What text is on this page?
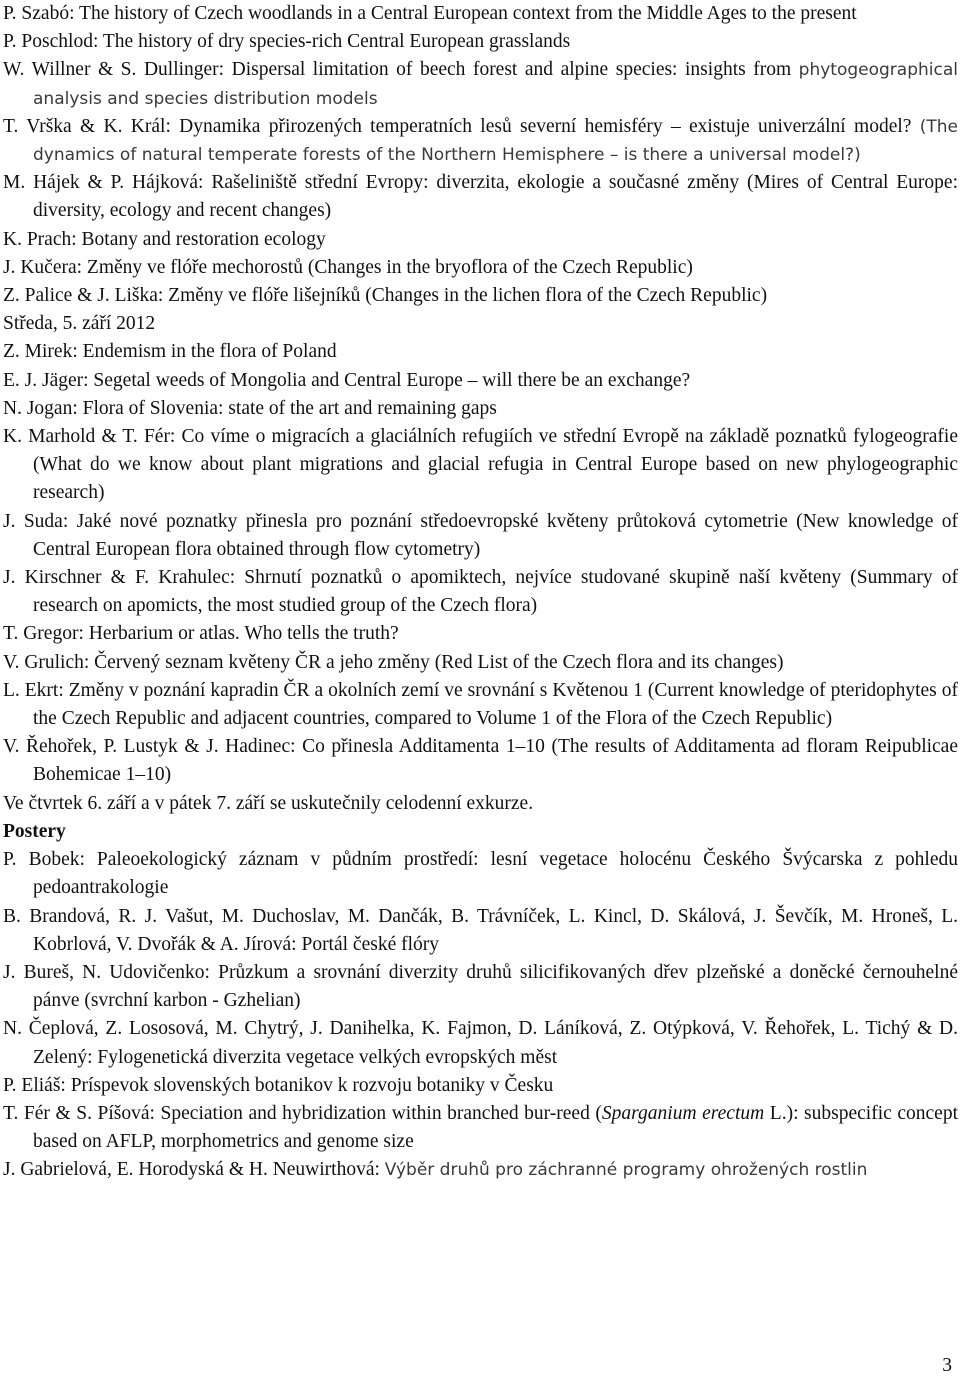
P. Szabó: The history of Czech woodlands in a Central European context from the Middle Ages to the present

P. Poschlod: The history of dry species-rich Central European grasslands

W. Willner & S. Dullinger: Dispersal limitation of beech forest and alpine species: insights from phytogeographical analysis and species distribution models

T. Vrška & K. Král: Dynamika přirozených temperatních lesů severní hemisféry – existuje univerzální model? (The dynamics of natural temperate forests of the Northern Hemisphere – is there a universal model?)

M. Hájek & P. Hájková: Rašeliniště střední Evropy: diverzita, ekologie a současné změny (Mires of Central Europe: diversity, ecology and recent changes)

K. Prach: Botany and restoration ecology

J. Kučera: Změny ve flóře mechorostů (Changes in the bryoflora of the Czech Republic)

Z. Palice & J. Liška: Změny ve flóře lišejníků (Changes in the lichen flora of the Czech Republic)

Středa, 5. září 2012

Z. Mirek: Endemism in the flora of Poland

E. J. Jäger: Segetal weeds of Mongolia and Central Europe – will there be an exchange?

N. Jogan: Flora of Slovenia: state of the art and remaining gaps

K. Marhold & T. Fér: Co víme o migracích a glaciálních refugiích ve střední Evropě na základě poznatků fylogeografie (What do we know about plant migrations and glacial refugia in Central Europe based on new phylogeographic research)

J. Suda: Jaké nové poznatky přinesla pro poznání středoevropské květeny průtoková cytometrie (New knowledge of Central European flora obtained through flow cytometry)

J. Kirschner & F. Krahulec: Shrnutí poznatků o apomiktech, nejvíce studované skupině naší květeny (Summary of research on apomicts, the most studied group of the Czech flora)

T. Gregor: Herbarium or atlas. Who tells the truth?

V. Grulich: Červený seznam květeny ČR a jeho změny (Red List of the Czech flora and its changes)

L. Ekrt: Změny v poznání kapradin ČR a okolních zemí ve srovnání s Květenou 1 (Current knowledge of pteridophytes of the Czech Republic and adjacent countries, compared to Volume 1 of the Flora of the Czech Republic)

V. Řehořek, P. Lustyk & J. Hadinec: Co přinesla Additamenta 1–10 (The results of Additamenta ad floram Reipublicae Bohemicae 1–10)

Ve čtvrtek 6. září a v pátek 7. září se uskutečnily celodenní exkurze.

Postery

P. Bobek: Paleoekologický záznam v půdním prostředí: lesní vegetace holocénu Českého Švýcarska z pohledu pedoantrakologie

B. Brandová, R. J. Vašut, M. Duchoslav, M. Dančák, B. Trávníček, L. Kincl, D. Skálová, J. Ševčík, M. Hroneš, L. Kobrlová, V. Dvořák & A. Jírová: Portál české flóry

J. Bureš, N. Udovičenko: Průzkum a srovnání diverzity druhů silicifikovaných dřev plzeňské a doněcké černouhelné pánve (svrchní karbon - Gzhelian)

N. Čeplová, Z. Lososová, M. Chytrý, J. Danihelka, K. Fajmon, D. Láníková, Z. Otýpková, V. Řehořek, L. Tichý & D. Zelený: Fylogenetická diverzita vegetace velkých evropských měst

P. Eliáš: Príspevok slovenských botanikov k rozvoju botaniky v Česku

T. Fér & S. Píšová: Speciation and hybridization within branched bur-reed (Sparganium erectum L.): subspecific concept based on AFLP, morphometrics and genome size

J. Gabrielová, E. Horodyská & H. Neuwirthová: Výběr druhů pro záchranné programy ohrožených rostlin

3
